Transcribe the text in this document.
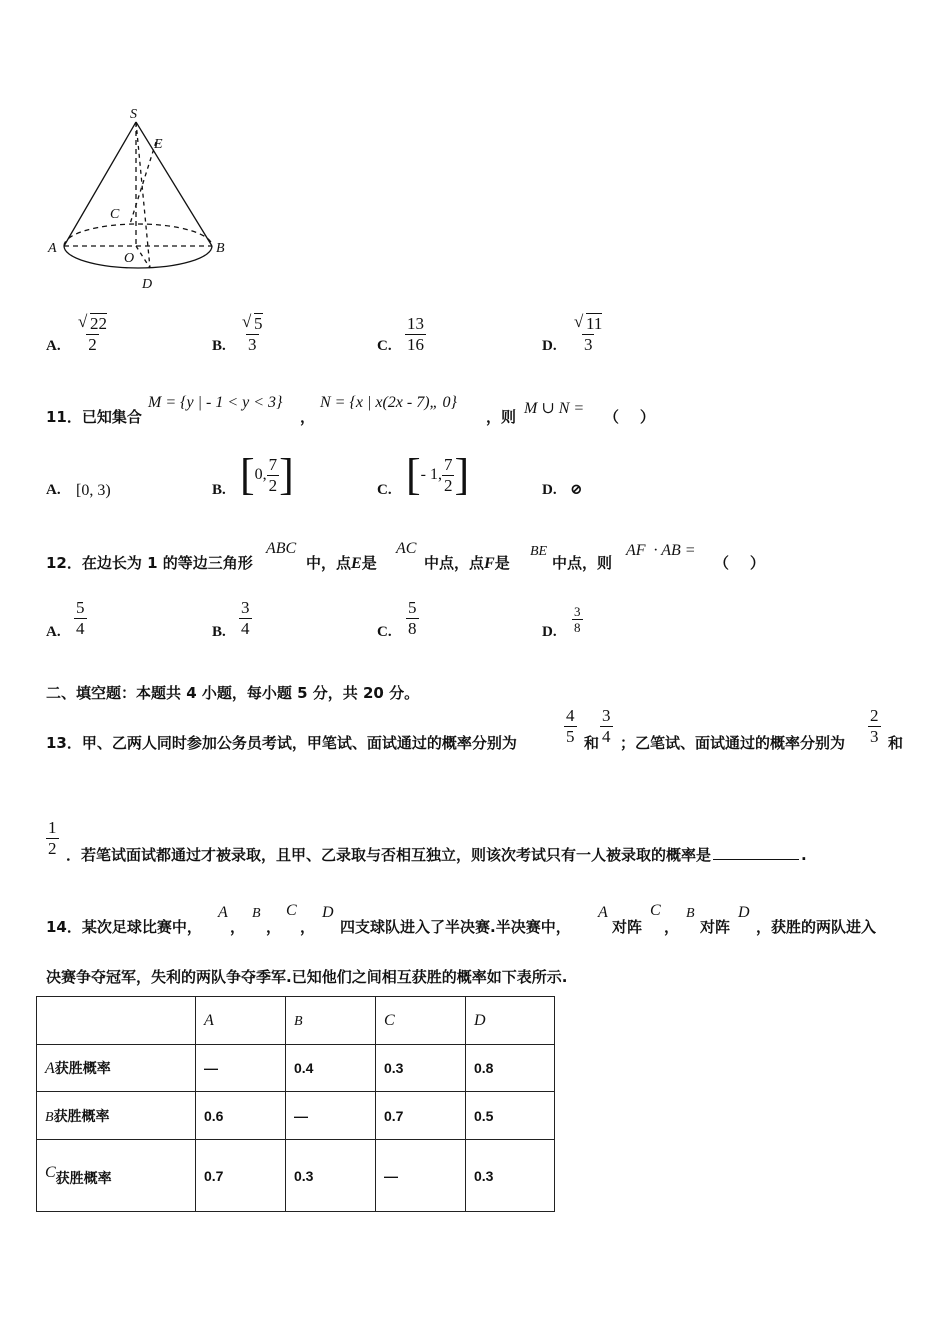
S
E
C
A
O
B
D
A. √ $\frac{22}{2}$	B. √ $\frac{5}{3}$	C. $\frac{13}{16}$	D. √ $\frac{11}{3}$
11．已知集合
M = {y | - 1 < y < 3}
，
N = {x | x(2x - 7)„ 0}
，则 M ∪ N = （    ）
A. [0, 3)	B. [ 0, $\frac{7}{2}$ ]	C. [ - 1, $\frac{7}{2}$ ]	D. ⊘
12．在边长为 1 的等边三角形
ABC
中，点E是
AC
中点，点F是
BE
中点，则
AF  · AB =
（    ）
A. $\frac{5}{4}$	B. $\frac{3}{4}$	C. $\frac{5}{8}$	D. $\frac{3}{8}$
二、填空题：本题共 4 小题，每小题 5 分，共 20 分。
13．甲、乙两人同时参加公务员考试，甲笔试、面试通过的概率分别为	$\frac{4}{5}$ 和 $\frac{3}{4}$ ；乙笔试、面试通过的概率分别为 $\frac{2}{3}$ 和
$\frac{1}{2}$ ．若笔试面试都通过才被录取，且甲、乙录取与否相互独立，则该次考试只有一人被录取的概率是	.
14．某次足球比赛中，
A
，
B
，
C
，
D
四支球队进入了半决赛.半决赛中，
A
对阵
C
，
B
对阵
D
，获胜的两队进入
决赛争夺冠军，失利的两队争夺季军.已知他们之间相互获胜的概率如下表所示.
	A	B	C	D
A获胜概率	—	0.4	0.3	0.8
B获胜概率	0.6	—	0.7	0.5
C获胜概率	0.7	0.3	—	0.3
